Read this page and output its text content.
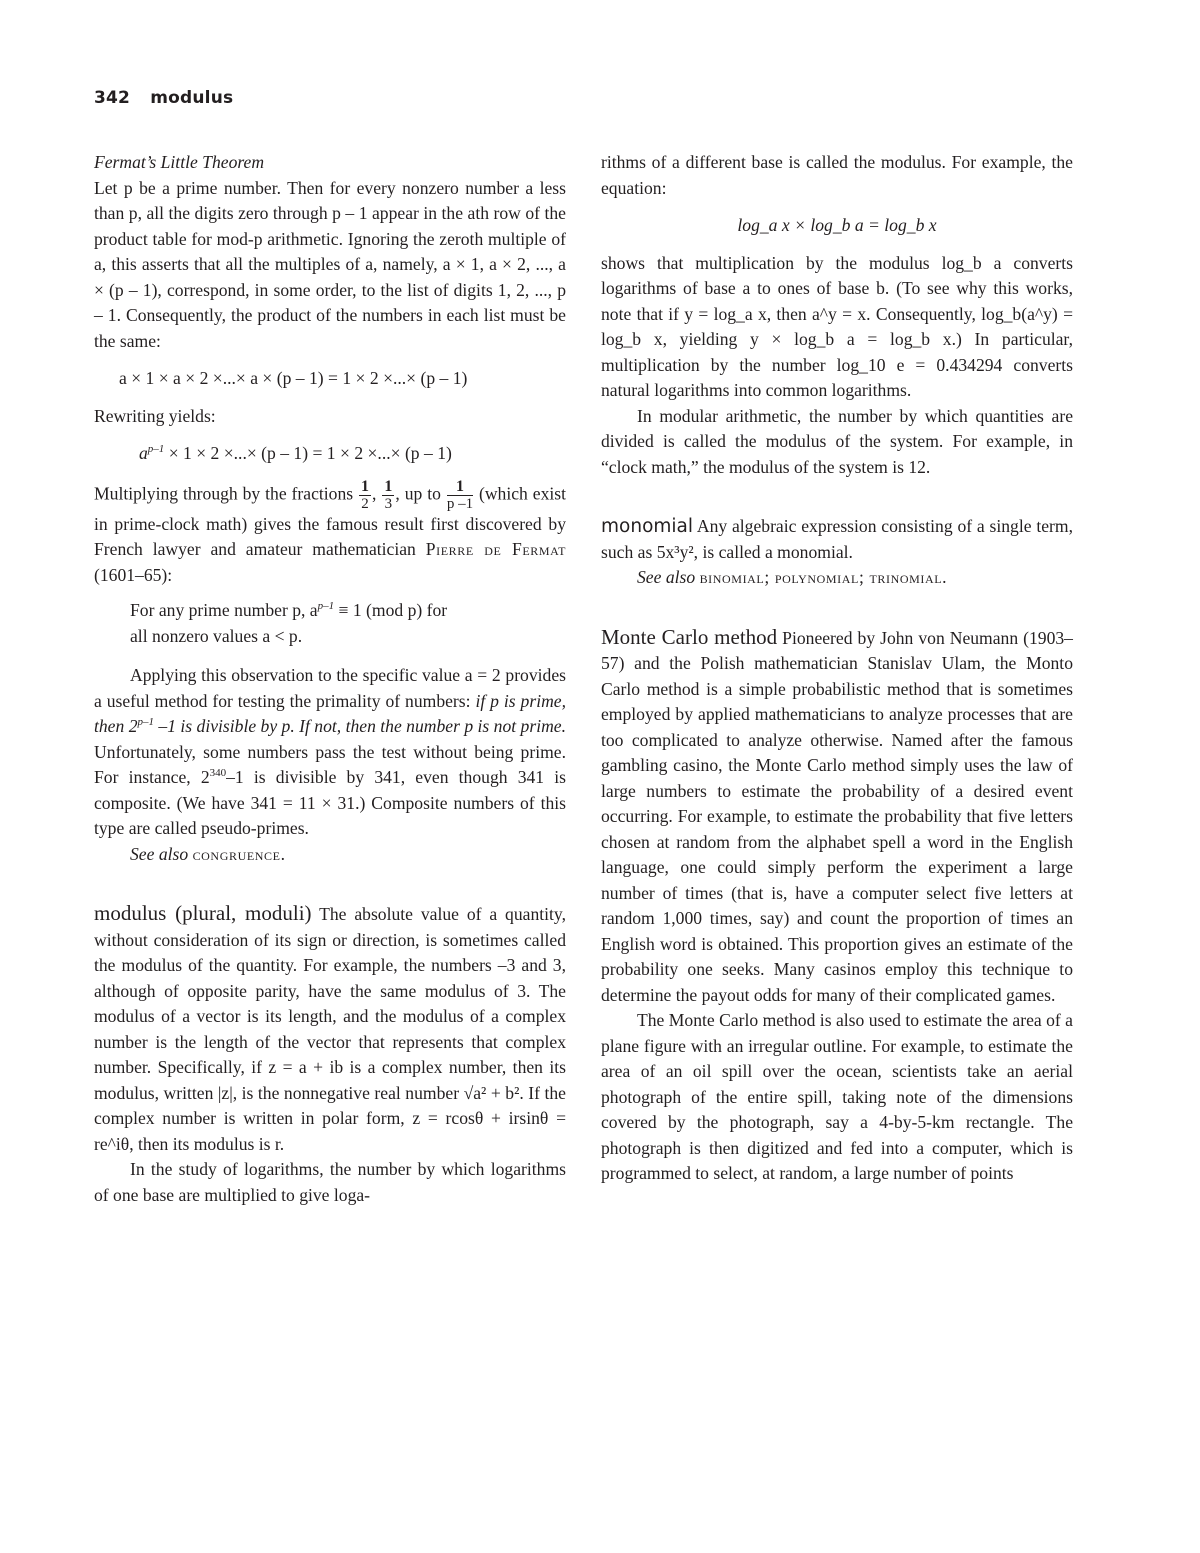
342 modulus

Fermat’s Little Theorem

Let p be a prime number. Then for every nonzero number a less than p, all the digits zero through p – 1 appear in the ath row of the product table for mod-p arithmetic. Ignoring the zeroth multiple of a, this asserts that all the multiples of a, namely, a × 1, a × 2, ..., a × (p – 1), correspond, in some order, to the list of digits 1, 2, ..., p – 1. Consequently, the product of the numbers in each list must be the same:

a × 1 × a × 2 ×...× a × (p – 1) = 1 × 2 ×...× (p – 1)

Rewriting yields:

$a^{p-1} \times 1 \times 2$ ×...× (p – 1) = 1 × 2 ×...× (p – 1)

Multiplying through by the fractions $\frac{1}{2}$ , $\frac{1}{3}$ , up to $\frac{1}{p -1}$ (which exist in prime-clock math) gives the famous result first discovered by French lawyer and amateur mathematician Pierre de Fermat (1601–65):

For any prime number p, $a^{p-1} \equiv 1$ (mod p) for
all nonzero values a < p.

Applying this observation to the specific value a = 2 provides a useful method for testing the primality of numbers: if p is prime, then 2$^{p-1}$ –1 is divisible by p. If not, then the number p is not prime. Unfortunately, some numbers pass the test without being prime. For instance, $2^{340}-1$ is divisible by 341, even though 341 is composite. (We have 341 = 11 × 31.) Composite numbers of this type are called pseudo-primes.

See also congruence.

modulus (plural, moduli) The absolute value of a quantity, without consideration of its sign or direction, is sometimes called the modulus of the quantity. For example, the numbers –3 and 3, although of opposite parity, have the same modulus of 3. The modulus of a vector is its length, and the modulus of a complex number is the length of the vector that represents that complex number. Specifically, if z = a + ib is a complex number, then its modulus, written |z|, is the nonnegative real number √a² + b². If the complex number is written in polar form, z = rcosθ + irsinθ = re^iθ, then its modulus is r.

In the study of logarithms, the number by which logarithms of one base are multiplied to give loga-

rithms of a different base is called the modulus. For example, the equation:

log_a x × log_b a = log_b x

shows that multiplication by the modulus log_b a converts logarithms of base a to ones of base b. (To see why this works, note that if y = log_a x, then a^y = x. Consequently, log_b(a^y) = log_b x, yielding y × log_b a = log_b x.) In particular, multiplication by the number log_10 e = 0.434294 converts natural logarithms into common logarithms.

In modular arithmetic, the number by which quantities are divided is called the modulus of the system. For example, in “clock math,” the modulus of the system is 12.

monomial Any algebraic expression consisting of a single term, such as 5x³y², is called a monomial.

See also binomial; polynomial; trinomial.

Monte Carlo method Pioneered by John von Neumann (1903–57) and the Polish mathematician Stanislav Ulam, the Monto Carlo method is a simple probabilistic method that is sometimes employed by applied mathematicians to analyze processes that are too complicated to analyze otherwise. Named after the famous gambling casino, the Monte Carlo method simply uses the law of large numbers to estimate the probability of a desired event occurring. For example, to estimate the probability that five letters chosen at random from the alphabet spell a word in the English language, one could simply perform the experiment a large number of times (that is, have a computer select five letters at random 1,000 times, say) and count the proportion of times an English word is obtained. This proportion gives an estimate of the probability one seeks. Many casinos employ this technique to determine the payout odds for many of their complicated games.

The Monte Carlo method is also used to estimate the area of a plane figure with an irregular outline. For example, to estimate the area of an oil spill over the ocean, scientists take an aerial photograph of the entire spill, taking note of the dimensions covered by the photograph, say a 4-by-5-km rectangle. The photograph is then digitized and fed into a computer, which is programmed to select, at random, a large number of points
